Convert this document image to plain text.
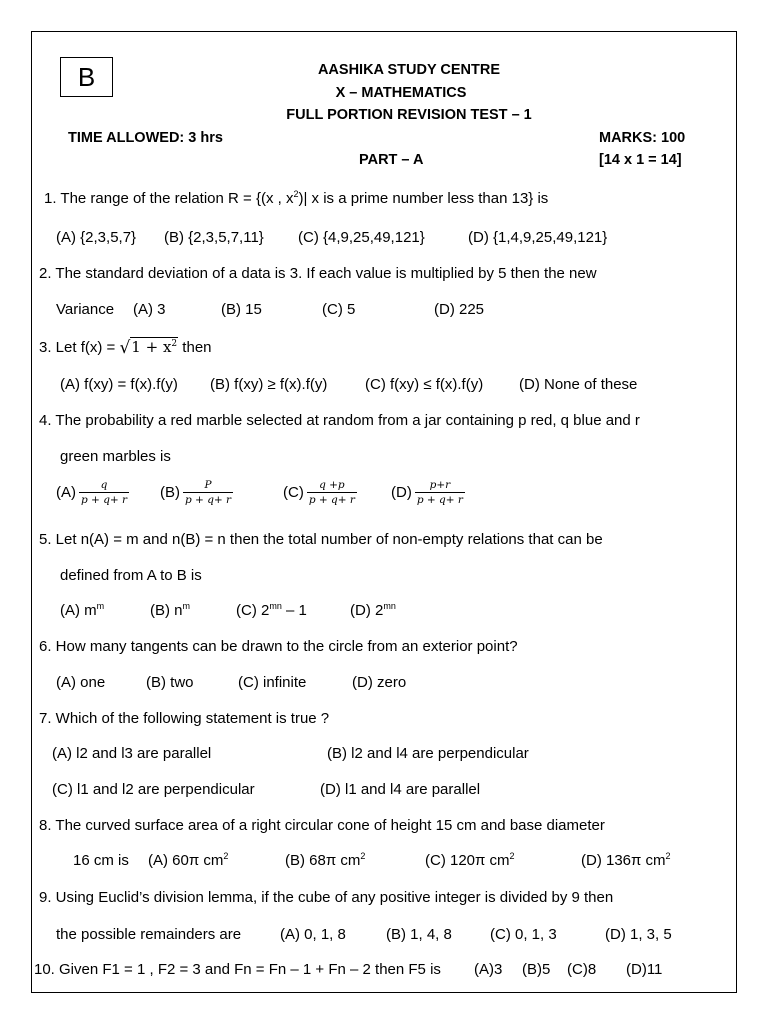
B	AASHIKA STUDY CENTRE
X – MATHEMATICS
FULL PORTION REVISION TEST – 1
TIME ALLOWED: 3 hrs	MARKS: 100
PART – A	[14 x 1 = 14]
1. The range of the relation R = {(x , $x^2)|$ x is a prime number less than 13} is
(A) {2,3,5,7} (B) {2,3,5,7,11} (C) {4,9,25,49,121}	(D) {1,4,9,25,49,121}
2. The standard deviation of a data is 3. If each value is multiplied by 5 then the new
Variance (A) 3	(B) 15	(C) 5	(D) 225
3. Let $f(x) = √1 + x^2$ then
(A) f(xy) = f(x).f(y) (B) f(xy) ≥ f(x).f(y)	(C) f(xy) ≤ f(x).f(y) (D) None of these
4. The probability a red marble selected at random from a jar containing p red, q blue and r
green marbles is
$(A) \frac{q}{p + q+ r} (B) \frac{P}{p + q+ r}$	$(C) \frac{q +p}{p + q+ r} (D) \frac{p+r}{p + q+ r}$
5. Let n(A) = m and n(B) = n then the total number of non-empty relations that can be
defined from A to B is
(A) $m^m$	(B) $n^m$	(C) $2^{mn} - 1$	(D) $2^{mn}$
6. How many tangents can be drawn to the circle from an exterior point?
(A) one	(B) two	(C) infinite	(D) zero
7. Which of the following statement is true ?
(A) l2 and l3 are parallel	(B) l2 and l4 are perpendicular
(C) l1 and l2 are perpendicular	(D) l1 and l4 are parallel
8. The curved surface area of a right circular cone of height 15 cm and base diameter
16 cm is (A) 60π $cm^2$	(B) 68π $cm^2$	(C) 120π $cm^2$	(D) 136π $cm^2$
9. Using Euclid’s division lemma, if the cube of any positive integer is divided by 9 then
the possible remainders are	(A) 0, 1, 8	(B) 1, 4, 8	(C) 0, 1, 3	(D) 1, 3, 5
10. Given F1 = 1 , F2 = 3 and Fn = Fn – 1 + Fn – 2 then F5 is (A)3 (B)5 (C)8 (D)11
